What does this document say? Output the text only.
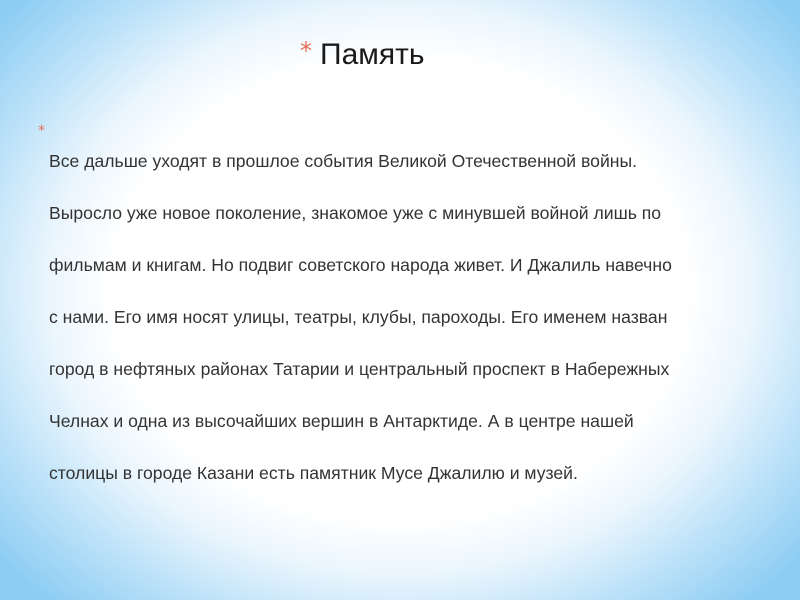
* Память
*

Все дальше уходят в прошлое события Великой Отечественной войны.

Выросло уже новое поколение, знакомое уже с минувшей войной лишь по

фильмам и книгам. Но подвиг советского народа живет. И Джалиль навечно

с нами. Его имя носят улицы, театры, клубы, пароходы. Его именем назван

город в нефтяных районах Татарии и центральный проспект в Набережных

Челнах и одна из высочайших вершин в Антарктиде. А в центре нашей

столицы в городе Казани есть памятник Мусе Джалилю и музей.
